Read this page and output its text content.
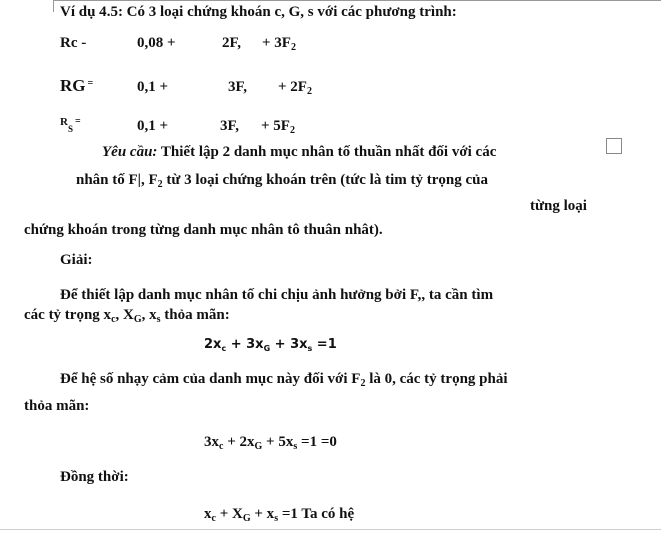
Ví dụ 4.5: Có 3 loại chứng khoán c, G, s với các phương trình:
Rc -	0,08 +	2F, + $3F_2$
RG =	0,1 +	3F, + $2F_2$
$^R$S=	0,1 +	3F, + $5F_2$
Yêu cầu: Thiết lập 2 danh mục nhân tố thuần nhất đối với các
nhân tố F|, $F_2$ từ 3 loại chứng khoán trên (tức là tim tỷ trọng của
từng loại
chứng khoán trong từng danh mục nhân tô thuân nhât).
Giải:
Để thiết lập danh mục nhân tố chi chịu ảnh hưởng bởi F,, ta cần tìm
các tỷ trọng $x_c$, $X_G$, $x_s$ thỏa mãn:
$2x_c + 3x_G + 3x_s =1$
Để hệ số nhạy cảm của danh mục này đối với $F_2$ là 0, các tỷ trọng phải
thỏa mãn:
$3x_c + 2x_G + 5x_s =1 =0$
Đồng thời:
$x_c + X_G + x_s =1$ Ta có hệ
